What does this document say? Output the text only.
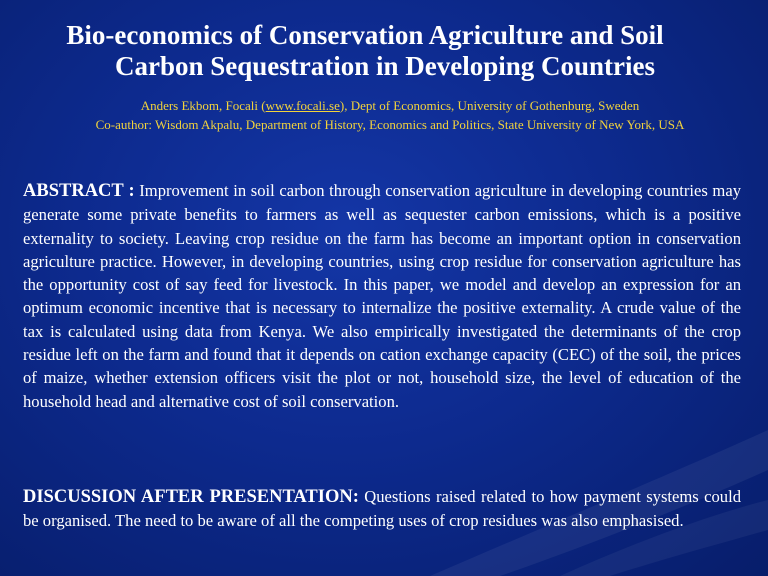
Bio-economics of Conservation Agriculture and Soil
Carbon Sequestration in Developing Countries
Anders Ekbom, Focali (www.focali.se), Dept of Economics, University of Gothenburg, Sweden
Co-author: Wisdom Akpalu, Department of History, Economics and Politics, State University of New York, USA

ABSTRACT : Improvement in soil carbon through conservation agriculture in developing countries may generate some private benefits to farmers as well as sequester carbon emissions, which is a positive externality to society. Leaving crop residue on the farm has become an important option in conservation agriculture practice. However, in developing countries, using crop residue for conservation agriculture has the opportunity cost of say feed for livestock. In this paper, we model and develop an expression for an optimum economic incentive that is necessary to internalize the positive externality. A crude value of the tax is calculated using data from Kenya. We also empirically investigated the determinants of the crop residue left on the farm and found that it depends on cation exchange capacity (CEC) of the soil, the prices of maize, whether extension officers visit the plot or not, household size, the level of education of the household head and alternative cost of soil conservation.

DISCUSSION AFTER PRESENTATION: Questions raised related to how payment systems could be organised. The need to be aware of all the competing uses of crop residues was also emphasised.
